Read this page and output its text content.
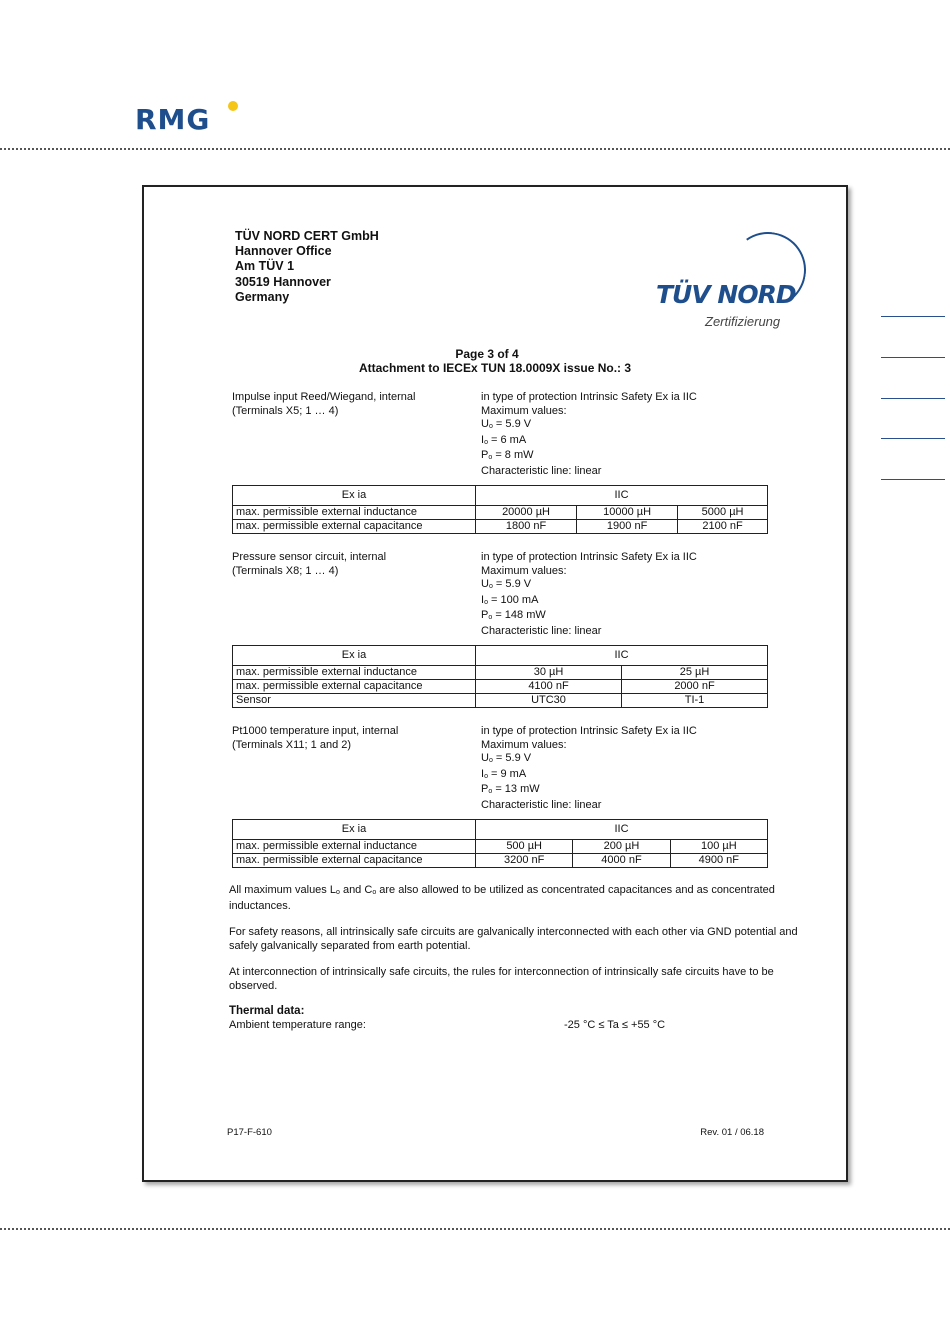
RMG
TÜV NORD CERT GmbH
Hannover Office
Am TÜV 1
30519 Hannover
Germany	TÜV NORD
Zertifizierung
Page 3 of 4
Attachment to IECEx TUN 18.0009X issue No.: 3
Impulse input Reed/Wiegand, internal
(Terminals X5; 1 … 4)
in type of protection Intrinsic Safety Ex ia IIC
Maximum values:
$U_o = 5.9$ V
$I_o = 6$ mA
$P_o = 8$ mW
Characteristic line: linear
Ex ia	IIC		
max. permissible external inductance	20000 µH	10000 µH	5000 µH
max. permissible external capacitance	1800 nF	1900 nF	2100 nF
Pressure sensor circuit, internal
(Terminals X8; 1 … 4)
in type of protection Intrinsic Safety Ex ia IIC
Maximum values:
$U_o = 5.9$ V
$I_o = 100$ mA
$P_o = 148$ mW
Characteristic line: linear
Ex ia	IIC	
max. permissible external inductance	30 µH	25 µH
max. permissible external capacitance	4100 nF	2000 nF
Sensor	UTC30	TI-1
Pt1000 temperature input, internal
(Terminals X11; 1 and 2)
in type of protection Intrinsic Safety Ex ia IIC
Maximum values:
$U_o = 5.9$ V
$I_o = 9$ mA
$P_o = 13$ mW
Characteristic line: linear
Ex ia	IIC		
max. permissible external inductance	500 µH	200 µH	100 µH
max. permissible external capacitance	3200 nF	4000 nF	4900 nF

All maximum values $L_o$ and $C_o$ are also allowed to be utilized as concentrated capacitances and as concentrated inductances.

For safety reasons, all intrinsically safe circuits are galvanically interconnected with each other via GND potential and safely galvanically separated from earth potential.

At interconnection of intrinsically safe circuits, the rules for interconnection of intrinsically safe circuits have to be observed.

Thermal data:
Ambient temperature range:	-25 °C ≤ Ta ≤ +55 °C
P17-F-610	Rev. 01 / 06.18
